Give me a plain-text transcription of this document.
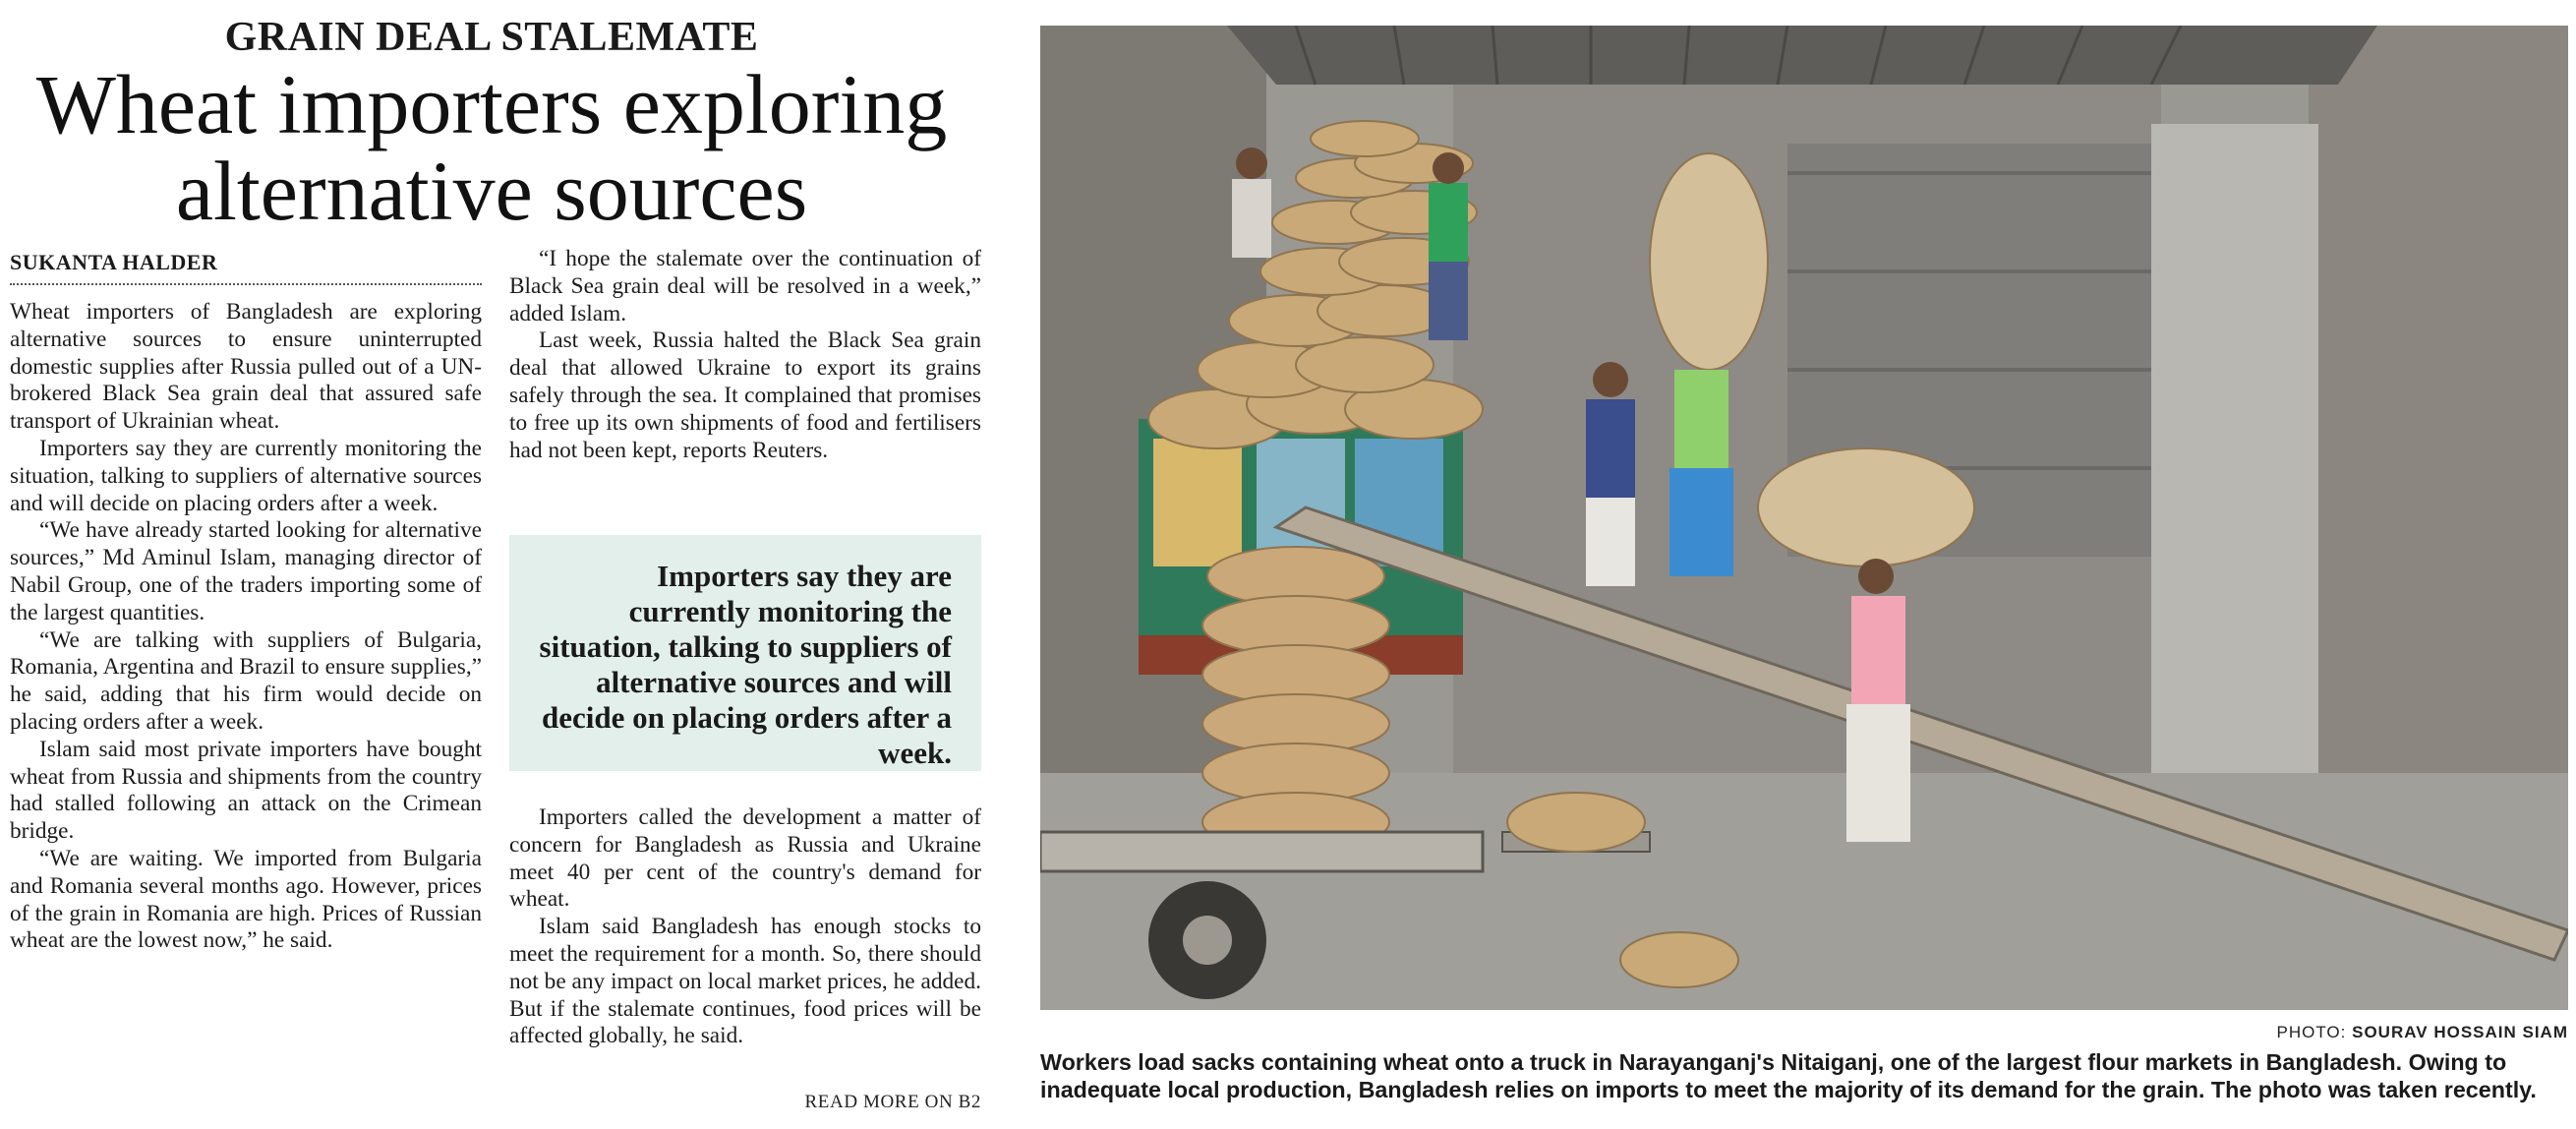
GRAIN DEAL STALEMATE
Wheat importers exploring
alternative sources
SUKANTA HALDER

Wheat importers of Bangladesh are exploring alternative sources to ensure uninterrupted domestic supplies after Russia pulled out of a UN-brokered Black Sea grain deal that assured safe transport of Ukrainian wheat.

Importers say they are currently monitoring the situation, talking to suppliers of alternative sources and will decide on placing orders after a week.

“We have already started looking for alternative sources,” Md Aminul Islam, managing director of Nabil Group, one of the traders importing some of the largest quantities.

“We are talking with suppliers of Bulgaria, Romania, Argentina and Brazil to ensure supplies,” he said, adding that his firm would decide on placing orders after a week.

Islam said most private importers have bought wheat from Russia and shipments from the country had stalled following an attack on the Crimean bridge.

“We are waiting. We imported from Bulgaria and Romania several months ago. However, prices of the grain in Romania are high. Prices of Russian wheat are the lowest now,” he said.

“I hope the stalemate over the continuation of Black Sea grain deal will be resolved in a week,” added Islam.

Last week, Russia halted the Black Sea grain deal that allowed Ukraine to export its grains safely through the sea. It complained that promises to free up its own shipments of food and fertilisers had not been kept, reports Reuters.

Importers say they are currently monitoring the situation, talking to suppliers of alternative sources and will decide on placing orders after a week.

Importers called the development a matter of concern for Bangladesh as Russia and Ukraine meet 40 per cent of the country's demand for wheat.

Islam said Bangladesh has enough stocks to meet the requirement for a month. So, there should not be any impact on local market prices, he added. But if the stalemate continues, food prices will be affected globally, he said.

READ MORE ON B2
PHOTO: SOURAV HOSSAIN SIAM
Workers load sacks containing wheat onto a truck in Narayanganj's Nitaiganj, one of the largest flour markets in Bangladesh. Owing to inadequate local production, Bangladesh relies on imports to meet the majority of its demand for the grain. The photo was taken recently.
